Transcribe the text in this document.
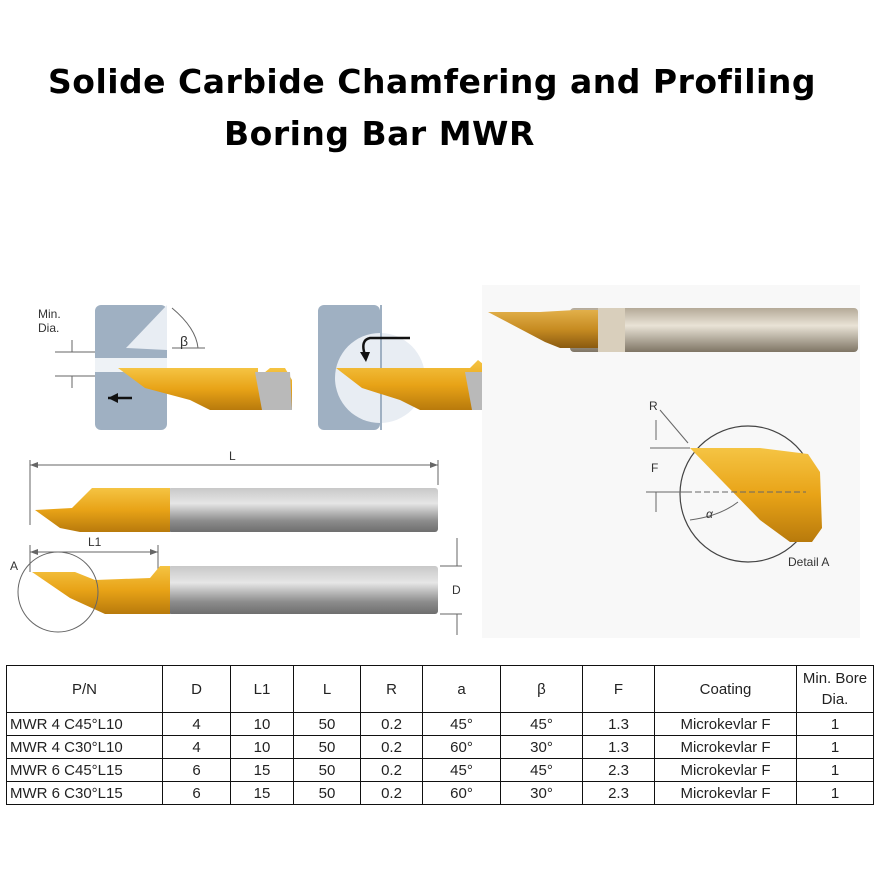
Solide Carbide Chamfering and Profiling
Boring Bar MWR
Min.
Dia.
β
L
L1
A
D
R
F
α
Detail A
P/N	D	L1	L	R	a	β	F	Coating	Min. Bore
Dia.
MWR 4 C45°L10	4	10	50	0.2	45°	45°	1.3	Microkevlar F	1
MWR 4 C30°L10	4	10	50	0.2	60°	30°	1.3	Microkevlar F	1
MWR 6 C45°L15	6	15	50	0.2	45°	45°	2.3	Microkevlar F	1
MWR 6 C30°L15	6	15	50	0.2	60°	30°	2.3	Microkevlar F	1
